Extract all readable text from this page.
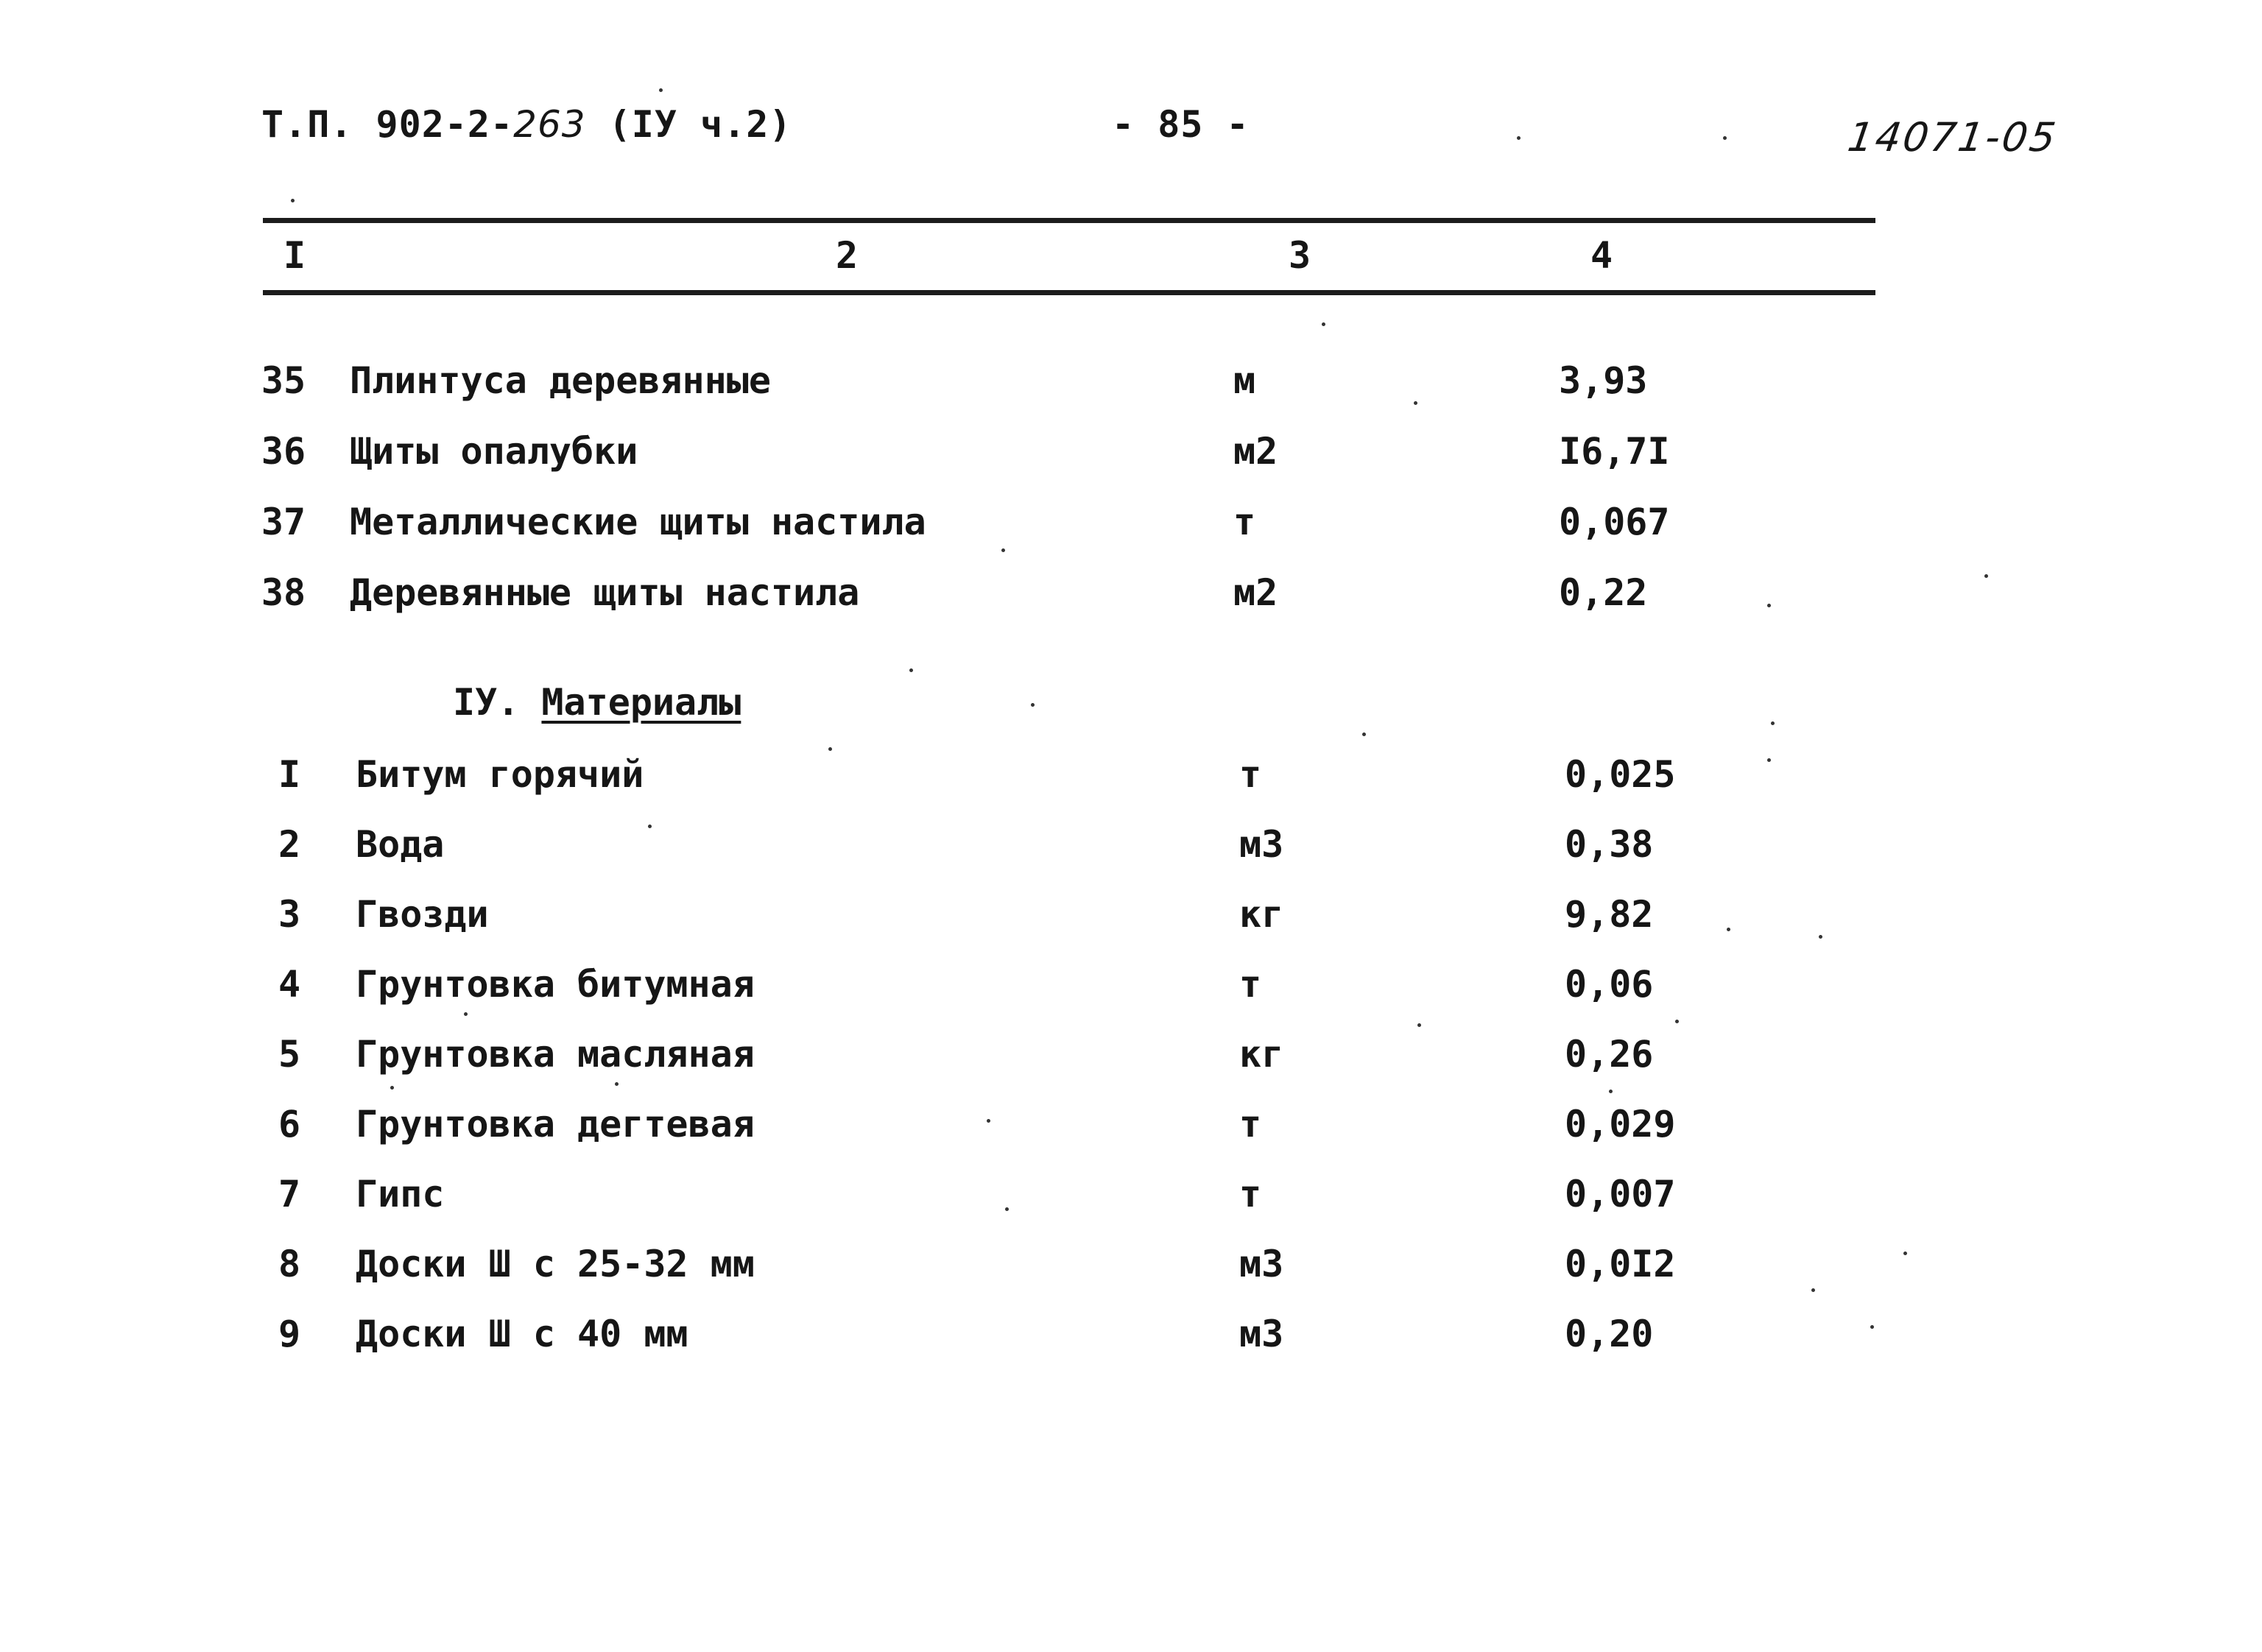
Т.П. 902-2-263 (IУ ч.2)	- 85 -	14071-05
I	2	3	4
35 Плинтуса деревянные	м	3,93
36 Щиты опалубки	м2	I6,7I
37 Металлические щиты настила	т	0,067
38 Деревянные щиты настила	м2	0,22
IУ. Материалы
I	Битум горячий	т	0,025
2	Вода	м3	0,38
3	Гвозди	кг	9,82
4	Грунтовка битумная	т	0,06
5	Грунтовка масляная	кг	0,26
6	Грунтовка дегтевая	т	0,029
7	Гипс	т	0,007
8	Доски Ш с 25-32 мм	м3	0,0I2
9	Доски Ш с 40 мм	м3	0,20
